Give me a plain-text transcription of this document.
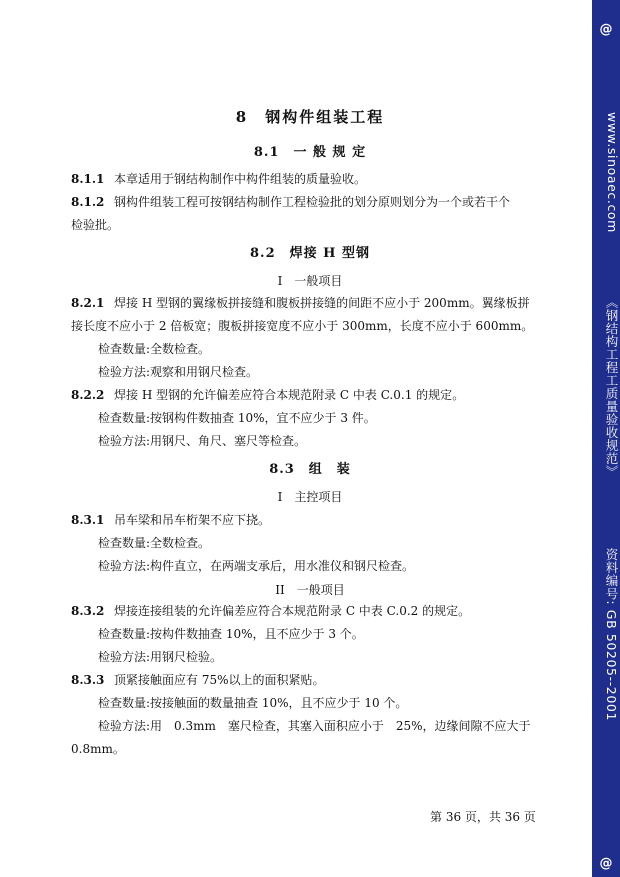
8　钢构件组装工程
8.1　一 般 规 定
8.1.1 本章适用于钢结构制作中构件组装的质量验收。
8.1.2 钢构件组装工程可按钢结构制作工程检验批的划分原则划分为一个或若干个
检验批。
8.2　焊接 H 型钢
I　一般项目
8.2.1 焊接 H 型钢的翼缘板拼接缝和腹板拼接缝的间距不应小于 200mm。翼缘板拼
接长度不应小于 2 倍板宽；腹板拼接宽度不应小于 300mm，长度不应小于 600mm。
检查数量:全数检查。
检验方法:观察和用钢尺检查。
8.2.2 焊接 H 型钢的允许偏差应符合本规范附录 C 中表 C.0.1 的规定。
检查数量:按钢构件数抽查 10%，宜不应少于 3 件。
检验方法:用钢尺、角尺、塞尺等检查。
8.3　组　装
I　主控项目
8.3.1 吊车梁和吊车桁架不应下挠。
检查数量:全数检查。
检验方法:构件直立，在两端支承后，用水准仪和钢尺检查。
II　一般项目
8.3.2 焊接连接组装的允许偏差应符合本规范附录 C 中表 C.0.2 的规定。
检查数量:按构件数抽查 10%，且不应少于 3 个。
检验方法:用钢尺检验。
8.3.3 顶紧接触面应有 75%以上的面积紧贴。
检查数量:按接触面的数量抽查 10%，且不应少于 10 个。
检验方法:用　0.3mm　塞尺检查，其塞入面积应小于　25%，边缘间隙不应大于
0.8mm。
第 36 页，共 36 页
@
www.sinoaec.com
《钢结构工程工质量验收规范》
资料编号: GB 50205--2001
@
